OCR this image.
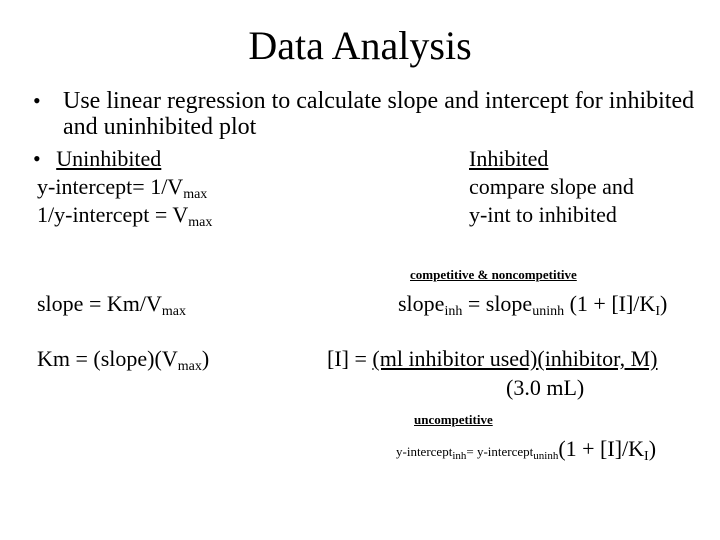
Data Analysis
• Use linear regression to calculate slope and intercept for inhibited and uninhibited plot
• Uninhibited
y-intercept= $1/V_{max}$
1/y-intercept = $V_{max}$
Inhibited
compare slope and
y-int to inhibited
competitive & noncompetitive
slope = $Km/V_{max}$	slope$_{inh}$ = slope$_{uninh}$ $(1 + [I]/K_I)$
$Km = (slope)(V_{max})$	[I] = (ml inhibitor used)(inhibitor, M)
(3.0 mL)
uncompetitive
y-intercept$_{inh}$= y-intercept$_{uninh}$(1 + $[I]/K_I$)
